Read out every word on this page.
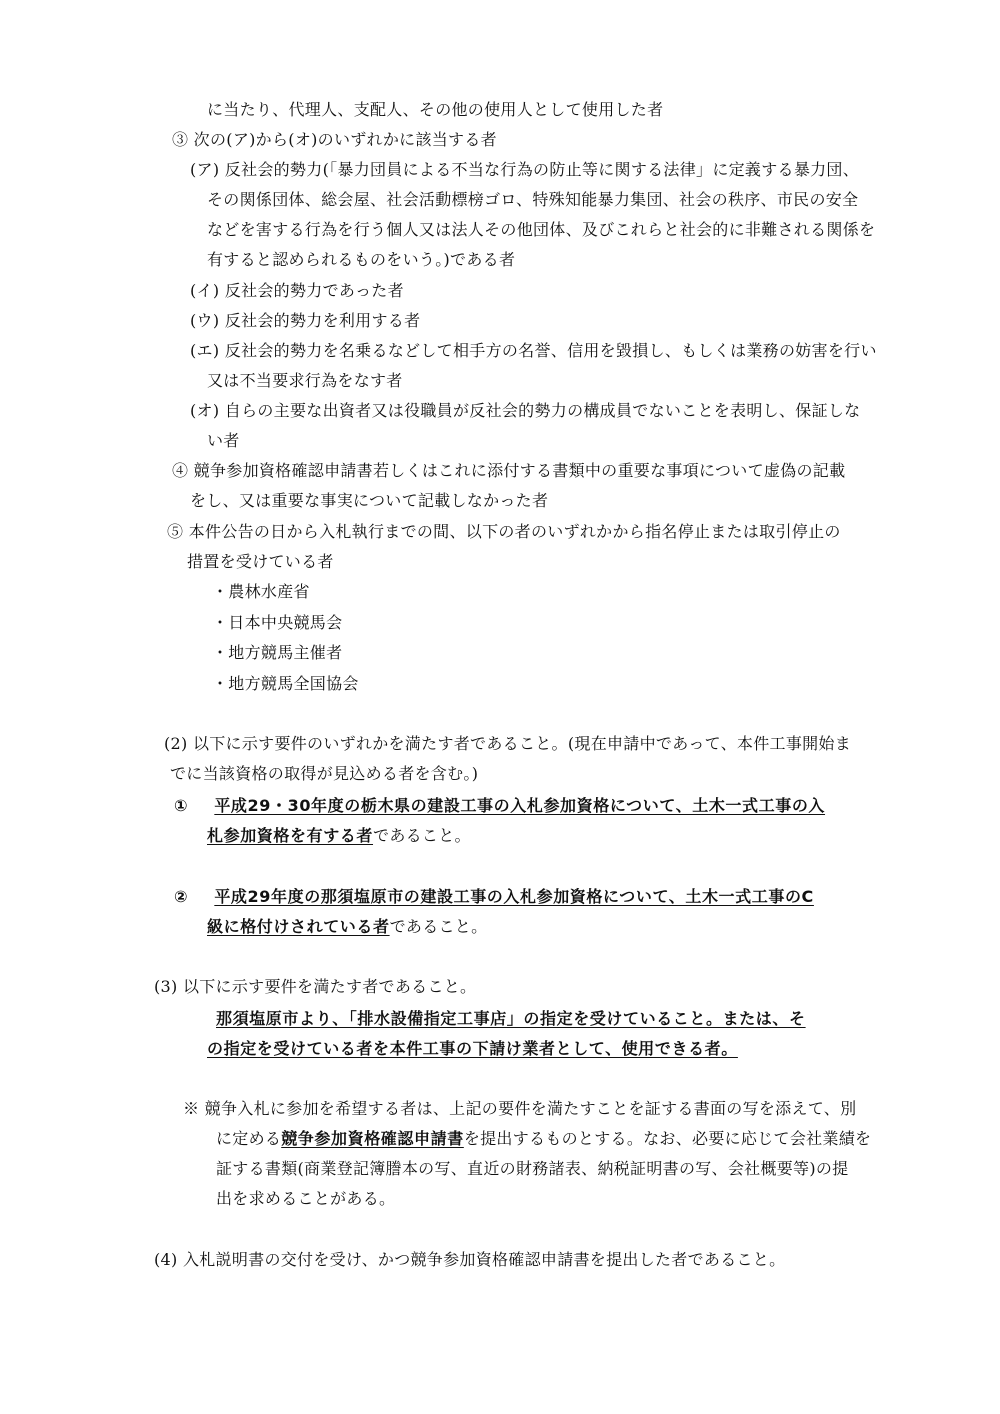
に当たり、代理人、支配人、その他の使用人として使用した者
③ 次の(ア)から(オ)のいずれかに該当する者
(ア) 反社会的勢力(「暴力団員による不当な行為の防止等に関する法律」に定義する暴力団、
その関係団体、総会屋、社会活動標榜ゴロ、特殊知能暴力集団、社会の秩序、市民の安全
などを害する行為を行う個人又は法人その他団体、及びこれらと社会的に非難される関係を
有すると認められるものをいう。)である者
(イ) 反社会的勢力であった者
(ウ) 反社会的勢力を利用する者
(エ) 反社会的勢力を名乗るなどして相手方の名誉、信用を毀損し、もしくは業務の妨害を行い
又は不当要求行為をなす者
(オ) 自らの主要な出資者又は役職員が反社会的勢力の構成員でないことを表明し、保証しな
い者
④ 競争参加資格確認申請書若しくはこれに添付する書類中の重要な事項について虚偽の記載
をし、又は重要な事実について記載しなかった者
⑤ 本件公告の日から入札執行までの間、以下の者のいずれかから指名停止または取引停止の
措置を受けている者
・農林水産省
・日本中央競馬会
・地方競馬主催者
・地方競馬全国協会
(2) 以下に示す要件のいずれかを満たす者であること。(現在申請中であって、本件工事開始ま
でに当該資格の取得が見込める者を含む。)
① 平成29・30年度の栃木県の建設工事の入札参加資格について、土木一式工事の入
札参加資格を有する者であること。
② 平成29年度の那須塩原市の建設工事の入札参加資格について、土木一式工事のC
級に格付けされている者であること。
(3) 以下に示す要件を満たす者であること。
那須塩原市より、「排水設備指定工事店」の指定を受けていること。または、そ
の指定を受けている者を本件工事の下請け業者として、使用できる者。
※ 競争入札に参加を希望する者は、上記の要件を満たすことを証する書面の写を添えて、別
に定める競争参加資格確認申請書を提出するものとする。なお、必要に応じて会社業績を
証する書類(商業登記簿謄本の写、直近の財務諸表、納税証明書の写、会社概要等)の提
出を求めることがある。
(4) 入札説明書の交付を受け、かつ競争参加資格確認申請書を提出した者であること。
